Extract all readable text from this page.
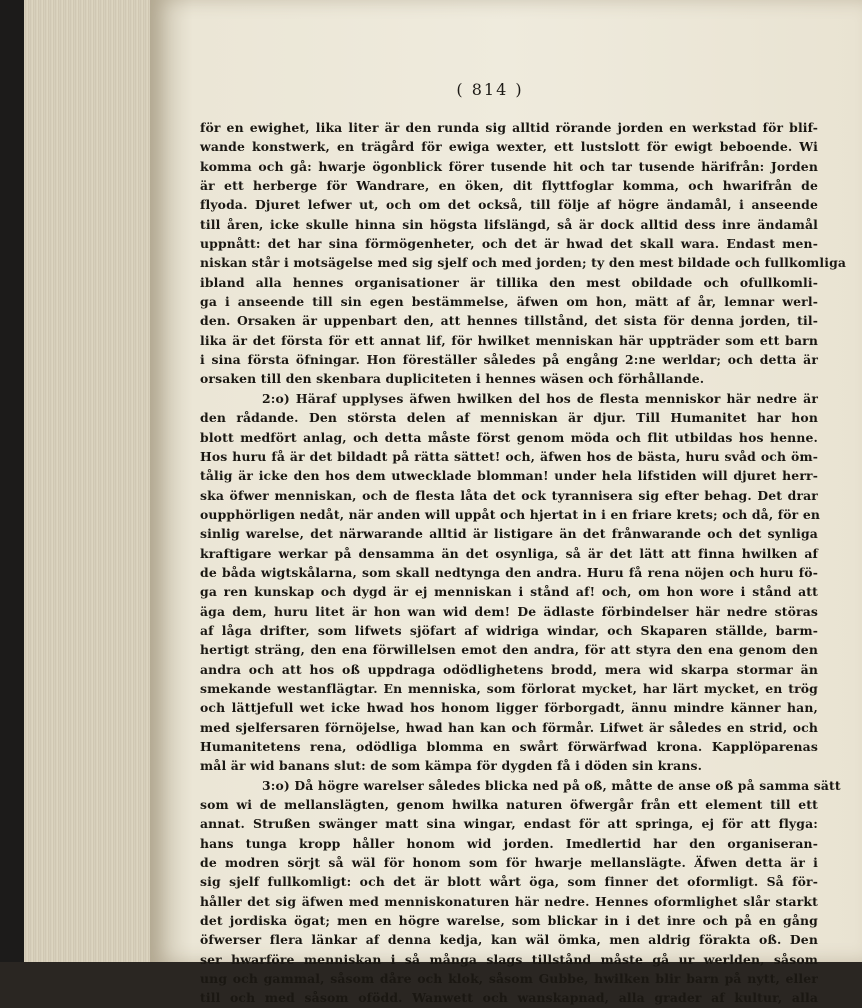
( 814 )
för en ewighet, lika liter är den runda sig alltid rörande jorden en werkstad för blif-
wande konstwerk, en trägård för ewiga wexter, ett lustslott för ewigt beboende. Wi
komma och gå: hwarje ögonblick förer tusende hit och tar tusende härifrån: Jorden
är ett herberge för Wandrare, en öken, dit flyttfoglar komma, och hwarifrån de
flyoda. Djuret lefwer ut, och om det också, till följe af högre ändamål, i anseende
till åren, icke skulle hinna sin högsta lifslängd, så är dock alltid dess inre ändamål
uppnått: det har sina förmögenheter, och det är hwad det skall wara. Endast men-
niskan står i motsägelse med sig sjelf och med jorden; ty den mest bildade och fullkomliga
ibland alla hennes organisationer är tillika den mest obildade och ofullkomli-
ga i anseende till sin egen bestämmelse, äfwen om hon, mätt af år, lemnar werl-
den. Orsaken är uppenbart den, att hennes tillstånd, det sista för denna jorden, til-
lika är det första för ett annat lif, för hwilket menniskan här uppträder som ett barn
i sina första öfningar. Hon föreställer således på engång 2:ne werldar; och detta är
orsaken till den skenbara dupliciteten i hennes wäsen och förhållande.
2:o) Häraf upplyses äfwen hwilken del hos de flesta menniskor här nedre är
den rådande. Den största delen af menniskan är djur. Till Humanitet har hon
blott medfört anlag, och detta måste först genom möda och flit utbildas hos henne.
Hos huru få är det bildadt på rätta sättet! och, äfwen hos de bästa, huru svåd och öm-
tålig är icke den hos dem utwecklade blomman! under hela lifstiden will djuret herr-
ska öfwer menniskan, och de flesta låta det ock tyrannisera sig efter behag. Det drar
oupphörligen nedåt, när anden will uppåt och hjertat in i en friare krets; och då, för en
sinlig warelse, det närwarande alltid är listigare än det frånwarande och det synliga
kraftigare werkar på densamma än det osynliga, så är det lätt att finna hwilken af
de båda wigtskålarna, som skall nedtynga den andra. Huru få rena nöjen och huru fö-
ga ren kunskap och dygd är ej menniskan i stånd af! och, om hon wore i stånd att
äga dem, huru litet är hon wan wid dem! De ädlaste förbindelser här nedre störas
af låga drifter, som lifwets sjöfart af widriga windar, och Skaparen ställde, barm-
hertigt sträng, den ena förwillelsen emot den andra, för att styra den ena genom den
andra och att hos oß uppdraga odödlighetens brodd, mera wid skarpa stormar än
smekande westanflägtar. En menniska, som förlorat mycket, har lärt mycket, en trög
och lättjefull wet icke hwad hos honom ligger förborgadt, ännu mindre känner han,
med sjelfersaren förnöjelse, hwad han kan och förmår. Lifwet är således en strid, och
Humanitetens rena, odödliga blomma en swårt förwärfwad krona. Kapplöparenas
mål är wid banans slut: de som kämpa för dygden få i döden sin krans.
3:o) Då högre warelser således blicka ned på oß, måtte de anse oß på samma sätt
som wi de mellanslägten, genom hwilka naturen öfwergår från ett element till ett
annat. Strußen swänger matt sina wingar, endast för att springa, ej för att flyga:
hans tunga kropp håller honom wid jorden. Imedlertid har den organiseran-
de modren sörjt så wäl för honom som för hwarje mellanslägte. Äfwen detta är i
sig sjelf fullkomligt: och det är blott wårt öga, som finner det oformligt. Så för-
håller det sig äfwen med menniskonaturen här nedre. Hennes oformlighet slår starkt
det jordiska ögat; men en högre warelse, som blickar in i det inre och på en gång
öfwerser flera länkar af denna kedja, kan wäl ömka, men aldrig förakta oß. Den
ser hwarföre menniskan i så många slags tillstånd måste gå ur werlden, såsom
ung och gammal, såsom dåre och klok, såsom Gubbe, hwilken blir barn på nytt, eller
till och med såsom ofödd. Wanwett och wanskapnad, alla grader af kultur, alla
